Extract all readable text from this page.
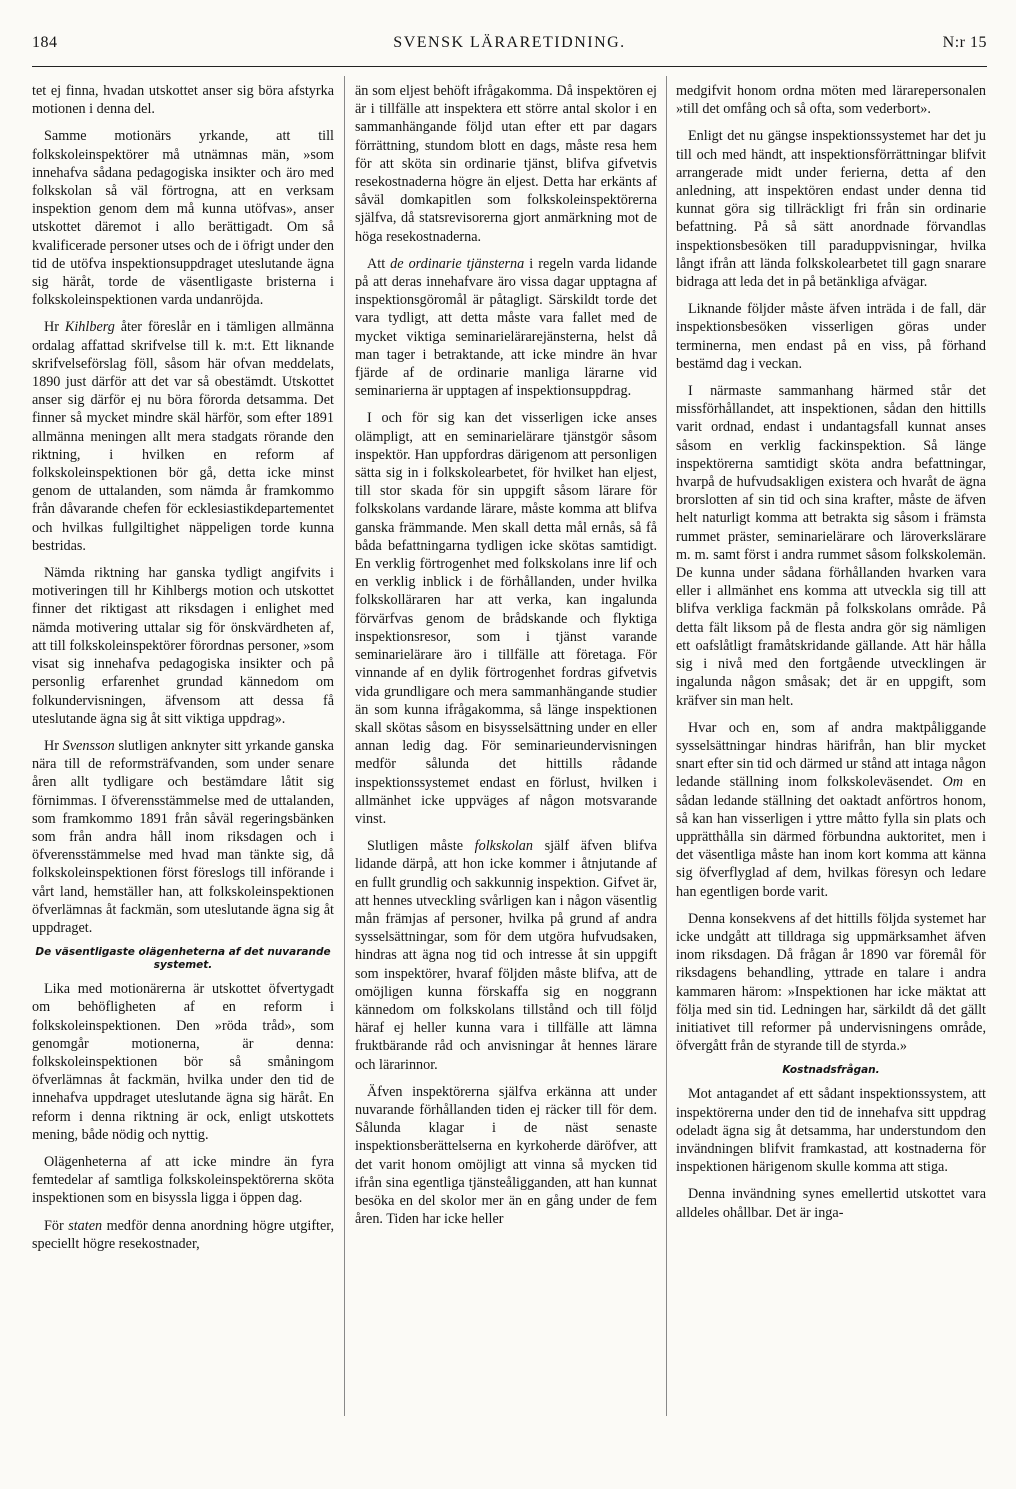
184	SVENSK LÄRARETIDNING.	N:r 15

tet ej finna, hvadan utskottet anser sig böra afstyrka motionen i denna del.

Samme motionärs yrkande, att till folkskoleinspektörer må utnämnas män, »som innehafva sådana pedagogiska insikter och äro med folkskolan så väl förtrogna, att en verksam inspektion genom dem må kunna utöfvas», anser utskottet däremot i allo berättigadt. Om så kvalificerade personer utses och de i öfrigt under den tid de utöfva inspektionsuppdraget uteslutande ägna sig häråt, torde de väsentligaste bristerna i folkskoleinspektionen varda undanröjda.

Hr Kihlberg åter föreslår en i tämligen allmänna ordalag affattad skrifvelse till k. m:t. Ett liknande skrifvelseförslag föll, såsom här ofvan meddelats, 1890 just därför att det var så obestämdt. Utskottet anser sig därför ej nu böra förorda detsamma. Det finner så mycket mindre skäl härför, som efter 1891 allmänna meningen allt mera stadgats rörande den riktning, i hvilken en reform af folkskoleinspektionen bör gå, detta icke minst genom de uttalanden, som nämda år framkommo från dåvarande chefen för ecklesiastikdepartementet och hvilkas fullgiltighet näppeligen torde kunna bestridas.

Nämda riktning har ganska tydligt angifvits i motiveringen till hr Kihlbergs motion och utskottet finner det riktigast att riksdagen i enlighet med nämda motivering uttalar sig för önskvärdheten af, att till folkskoleinspektörer förordnas personer, »som visat sig innehafva pedagogiska insikter och på personlig erfarenhet grundad kännedom om folkundervisningen, äfvensom att dessa få uteslutande ägna sig åt sitt viktiga uppdrag».

Hr Svensson slutligen anknyter sitt yrkande ganska nära till de reformsträfvanden, som under senare åren allt tydligare och bestämdare låtit sig förnimmas. I öfverensstämmelse med de uttalanden, som framkommo 1891 från såväl regeringsbänken som från andra håll inom riksdagen och i öfverensstämmelse med hvad man tänkte sig, då folkskoleinspektionen först föreslogs till införande i vårt land, hemställer han, att folkskoleinspektionen öfverlämnas åt fackmän, som uteslutande ägna sig åt uppdraget.

De väsentligaste olägenheterna af det nuvarande systemet.

Lika med motionärerna är utskottet öfvertygadt om behöfligheten af en reform i folkskoleinspektionen. Den »röda tråd», som genomgår motionerna, är denna: folkskoleinspektionen bör så småningom öfverlämnas åt fackmän, hvilka under den tid de innehafva uppdraget uteslutande ägna sig häråt. En reform i denna riktning är ock, enligt utskottets mening, både nödig och nyttig.

Olägenheterna af att icke mindre än fyra femtedelar af samtliga folkskoleinspektörerna sköta inspektionen som en bisyssla ligga i öppen dag.

För staten medför denna anordning högre utgifter, speciellt högre resekostnader,

än som eljest behöft ifrågakomma. Då inspektören ej är i tillfälle att inspektera ett större antal skolor i en sammanhängande följd utan efter ett par dagars förrättning, stundom blott en dags, måste resa hem för att sköta sin ordinarie tjänst, blifva gifvetvis resekostnaderna högre än eljest. Detta har erkänts af såväl domkapitlen som folkskoleinspektörerna själfva, då statsrevisorerna gjort anmärkning mot de höga resekostnaderna.

Att de ordinarie tjänsterna i regeln varda lidande på att deras innehafvare äro vissa dagar upptagna af inspektionsgöromål är påtagligt. Särskildt torde det vara tydligt, att detta måste vara fallet med de mycket viktiga seminarielärarejänsterna, helst då man tager i betraktande, att icke mindre än hvar fjärde af de ordinarie manliga lärarne vid seminarierna är upptagen af inspektionsuppdrag.

I och för sig kan det visserligen icke anses olämpligt, att en seminarielärare tjänstgör såsom inspektör. Han uppfordras därigenom att personligen sätta sig in i folkskolearbetet, för hvilket han eljest, till stor skada för sin uppgift såsom lärare för folkskolans vardande lärare, måste komma att blifva ganska främmande. Men skall detta mål ernås, så få båda befattningarna tydligen icke skötas samtidigt. En verklig förtrogenhet med folkskolans inre lif och en verklig inblick i de förhållanden, under hvilka folkskolläraren har att verka, kan ingalunda förvärfvas genom de brådskande och flyktiga inspektionsresor, som i tjänst varande seminarielärare äro i tillfälle att företaga. För vinnande af en dylik förtrogenhet fordras gifvetvis vida grundligare och mera sammanhängande studier än som kunna ifrågakomma, så länge inspektionen skall skötas såsom en bisysselsättning under en eller annan ledig dag. För seminarieundervisningen medför sålunda det hittills rådande inspektionssystemet endast en förlust, hvilken i allmänhet icke uppväges af någon motsvarande vinst.

Slutligen måste folkskolan själf äfven blifva lidande därpå, att hon icke kommer i åtnjutande af en fullt grundlig och sakkunnig inspektion. Gifvet är, att hennes utveckling svårligen kan i någon väsentlig mån främjas af personer, hvilka på grund af andra sysselsättningar, som för dem utgöra hufvudsaken, hindras att ägna nog tid och intresse åt sin uppgift som inspektörer, hvaraf följden måste blifva, att de omöjligen kunna förskaffa sig en noggrann kännedom om folkskolans tillstånd och till följd häraf ej heller kunna vara i tillfälle att lämna fruktbärande råd och anvisningar åt hennes lärare och lärarinnor.

Äfven inspektörerna själfva erkänna att under nuvarande förhållanden tiden ej räcker till för dem. Sålunda klagar i de näst senaste inspektionsberättelserna en kyrkoherde däröfver, att det varit honom omöjligt att vinna så mycken tid ifrån sina egentliga tjänsteåligganden, att han kunnat besöka en del skolor mer än en gång under de fem åren. Tiden har icke heller

medgifvit honom ordna möten med lärarepersonalen »till det omfång och så ofta, som vederbort».

Enligt det nu gängse inspektionssystemet har det ju till och med händt, att inspektionsförrättningar blifvit arrangerade midt under ferierna, detta af den anledning, att inspektören endast under denna tid kunnat göra sig tillräckligt fri från sin ordinarie befattning. På så sätt anordnade förvandlas inspektionsbesöken till paraduppvisningar, hvilka långt ifrån att lända folkskolearbetet till gagn snarare bidraga att leda det in på betänkliga afvägar.

Liknande följder måste äfven inträda i de fall, där inspektionsbesöken visserligen göras under terminerna, men endast på en viss, på förhand bestämd dag i veckan.

I närmaste sammanhang härmed står det missförhållandet, att inspektionen, sådan den hittills varit ordnad, endast i undantagsfall kunnat anses såsom en verklig fackinspektion. Så länge inspektörerna samtidigt sköta andra befattningar, hvarpå de hufvudsakligen existera och hvaråt de ägna brorslotten af sin tid och sina krafter, måste de äfven helt naturligt komma att betrakta sig såsom i främsta rummet präster, seminarielärare och läroverkslärare m. m. samt först i andra rummet såsom folkskolemän. De kunna under sådana förhållanden hvarken vara eller i allmänhet ens komma att utveckla sig till att blifva verkliga fackmän på folkskolans område. På detta fält liksom på de flesta andra gör sig nämligen ett oafslåtligt framåtskridande gällande. Att här hålla sig i nivå med den fortgående utvecklingen är ingalunda någon småsak; det är en uppgift, som kräfver sin man helt.

Hvar och en, som af andra maktpåliggande sysselsättningar hindras härifrån, han blir mycket snart efter sin tid och därmed ur stånd att intaga någon ledande ställning inom folkskoleväsendet. Om en sådan ledande ställning det oaktadt anförtros honom, så kan han visserligen i yttre måtto fylla sin plats och upprätthålla sin därmed förbundna auktoritet, men i det väsentliga måste han inom kort komma att känna sig öfverflyglad af dem, hvilkas föresyn och ledare han egentligen borde varit.

Denna konsekvens af det hittills följda systemet har icke undgått att tilldraga sig uppmärksamhet äfven inom riksdagen. Då frågan år 1890 var föremål för riksdagens behandling, yttrade en talare i andra kammaren härom: »Inspektionen har icke mäktat att följa med sin tid. Ledningen har, särkildt då det gällt initiativet till reformer på undervisningens område, öfvergått från de styrande till de styrda.»

Kostnadsfrågan.

Mot antagandet af ett sådant inspektionssystem, att inspektörerna under den tid de innehafva sitt uppdrag odeladt ägna sig åt detsamma, har understundom den invändningen blifvit framkastad, att kostnaderna för inspektionen härigenom skulle komma att stiga.

Denna invändning synes emellertid utskottet vara alldeles ohållbar. Det är inga-
